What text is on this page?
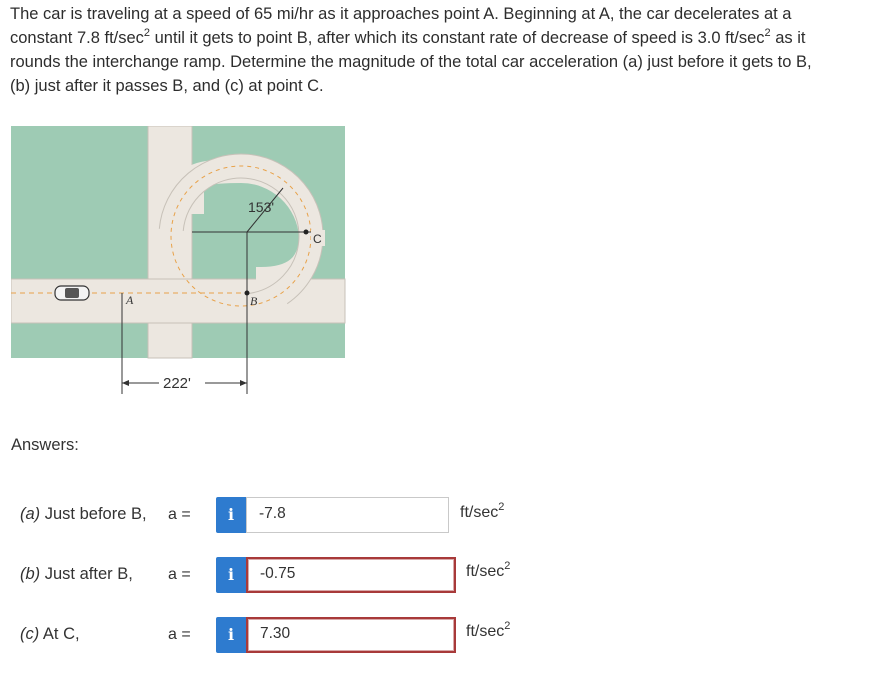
The car is traveling at a speed of 65 mi/hr as it approaches point A. Beginning at A, the car decelerates at a
constant 7.8 $ft/\sec^2$ until it gets to point B, after which its constant rate of decrease of speed is 3.0 $ft/\sec^2$ as it
rounds the interchange ramp. Determine the magnitude of the total car acceleration (a) just before it gets to B,
(b) just after it passes B, and (c) at point C.
222'
153'
A	B
C
Answers:
(a) Just before B, a =	i	-7.8	$ft/\sec^2$
(b) Just after B, a =	i	-0.75	$ft/\sec^2$
(c) At C,	a =	i	7.30	$ft/\sec^2$
